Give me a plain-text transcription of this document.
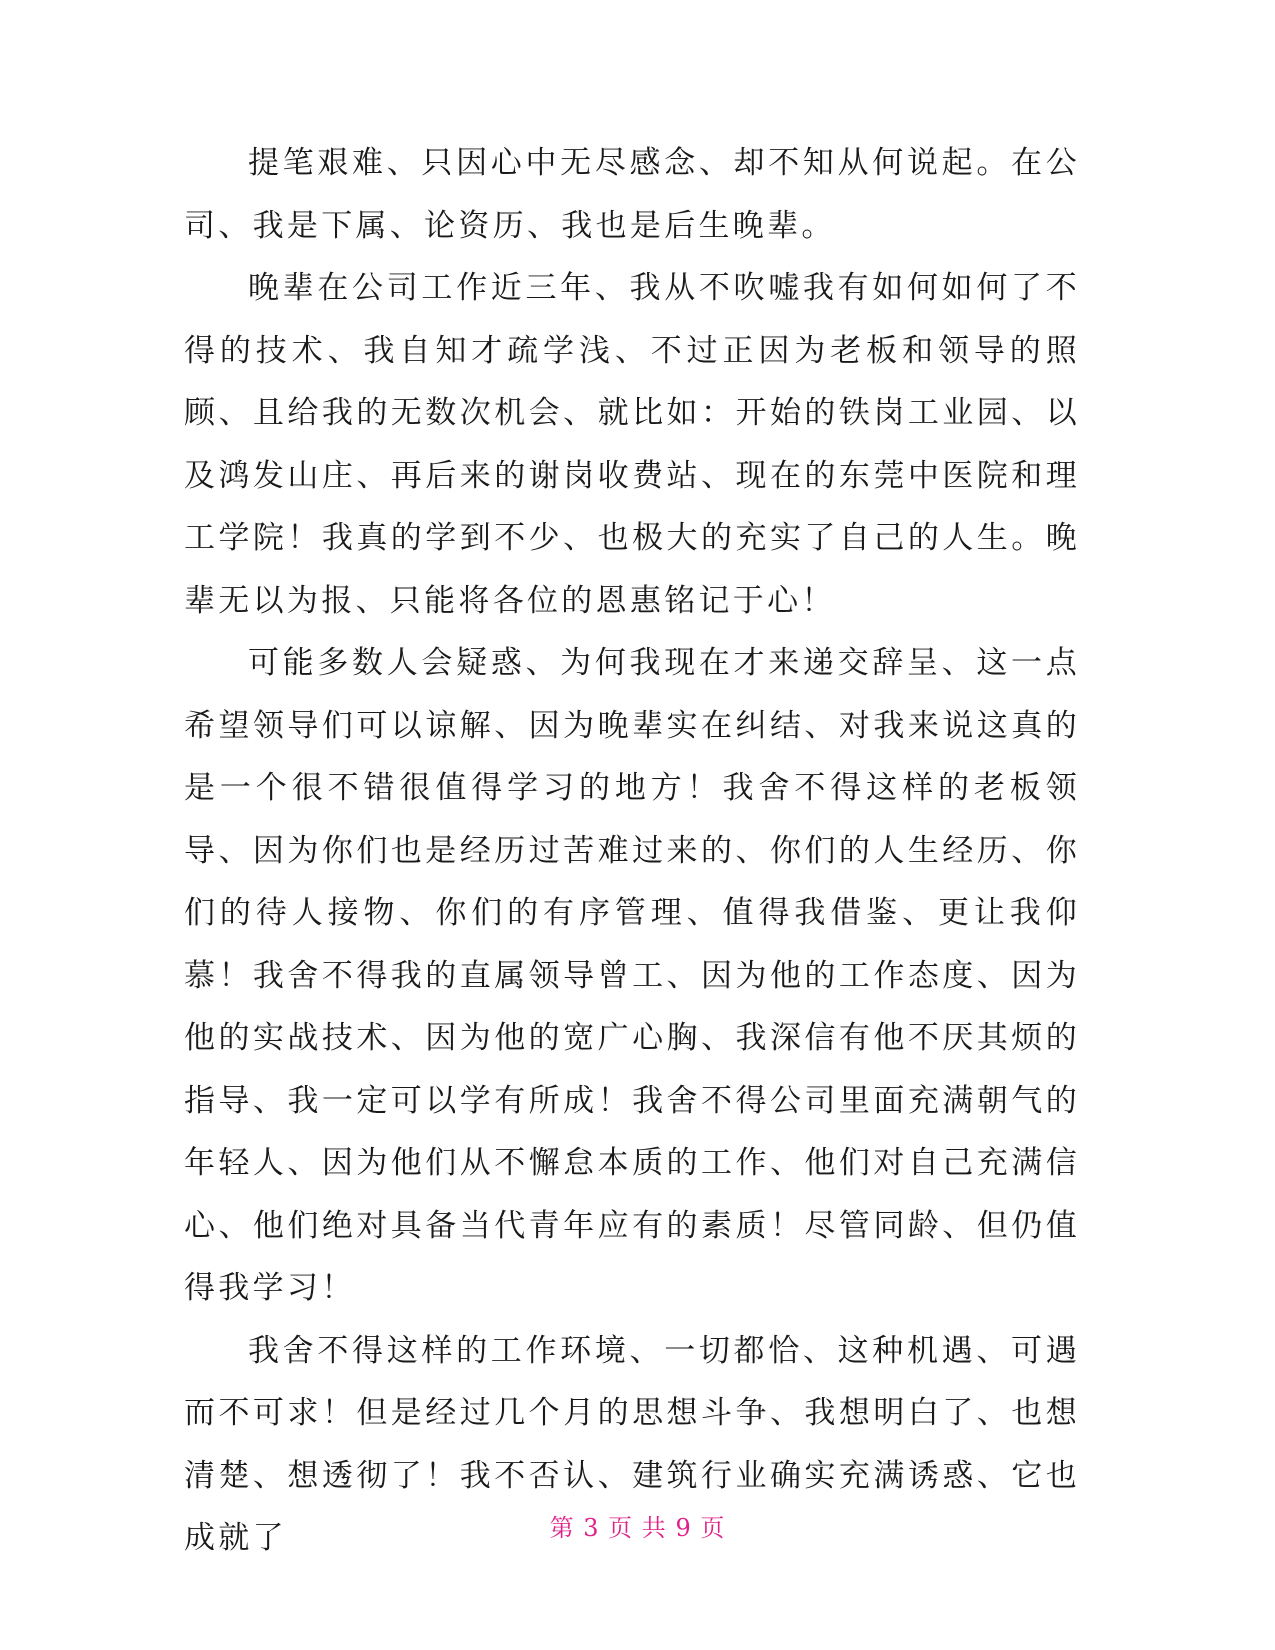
提笔艰难、只因心中无尽感念、却不知从何说起。在公司、我是下属、论资历、我也是后生晚辈。

晚辈在公司工作近三年、我从不吹嘘我有如何如何了不得的技术、我自知才疏学浅、不过正因为老板和领导的照顾、且给我的无数次机会、就比如：开始的铁岗工业园、以及鸿发山庄、再后来的谢岗收费站、现在的东莞中医院和理工学院！我真的学到不少、也极大的充实了自己的人生。晚辈无以为报、只能将各位的恩惠铭记于心！

可能多数人会疑惑、为何我现在才来递交辞呈、这一点希望领导们可以谅解、因为晚辈实在纠结、对我来说这真的是一个很不错很值得学习的地方！我舍不得这样的老板领导、因为你们也是经历过苦难过来的、你们的人生经历、你们的待人接物、你们的有序管理、值得我借鉴、更让我仰慕！我舍不得我的直属领导曾工、因为他的工作态度、因为他的实战技术、因为他的宽广心胸、我深信有他不厌其烦的指导、我一定可以学有所成！我舍不得公司里面充满朝气的年轻人、因为他们从不懈怠本质的工作、他们对自己充满信心、他们绝对具备当代青年应有的素质！尽管同龄、但仍值得我学习！

我舍不得这样的工作环境、一切都恰、这种机遇、可遇而不可求！但是经过几个月的思想斗争、我想明白了、也想清楚、想透彻了！我不否认、建筑行业确实充满诱惑、它也成就了	第 3 页 共 9 页
